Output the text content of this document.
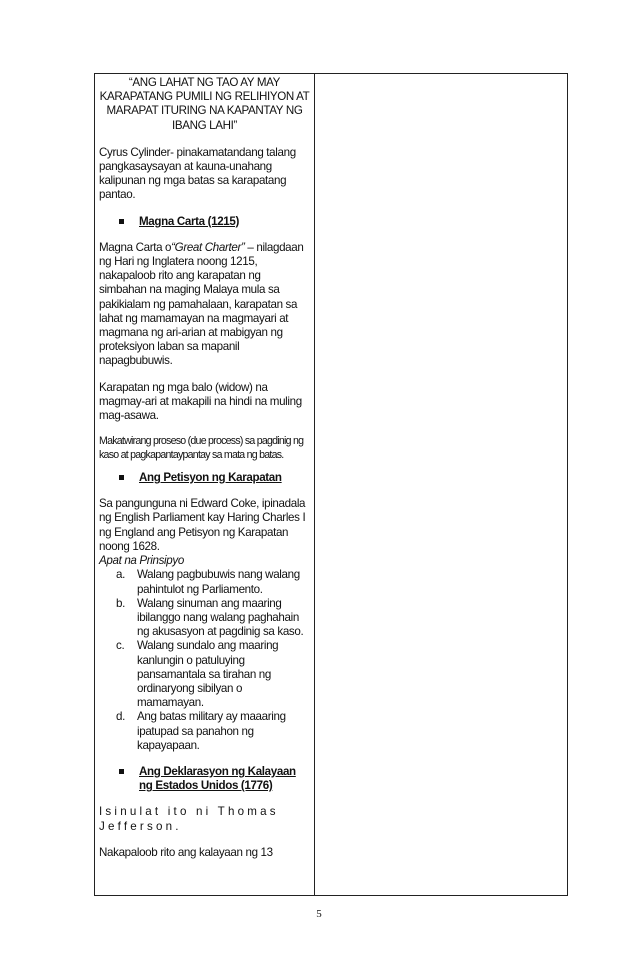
“ANG LAHAT NG TAO AY MAY KARAPATANG PUMILI NG RELIHIYON AT MARAPAT ITURING NA KAPANTAY NG IBANG LAHI”

Cyrus Cylinder- pinakamatandang talang pangkasaysayan at kauna-unahang kalipunan ng mga batas sa karapatang pantao.

Magna Carta (1215)

Magna Carta o“Great Charter” – nilagdaan ng Hari ng Inglatera noong 1215, nakapaloob rito ang karapatan ng simbahan na maging Malaya mula sa pakikialam ng pamahalaan, karapatan sa lahat ng mamamayan na magmayari at magmana ng ari-arian at mabigyan ng proteksiyon laban sa mapanil napagbubuwis.

Karapatan ng mga balo (widow) na magmay-ari at makapili na hindi na muling mag-asawa.

Makatwirang proseso (due process) sa pagdinig ng kaso at pagkapantaypantay sa mata ng batas.

Ang Petisyon ng Karapatan

Sa pangunguna ni Edward Coke, ipinadala ng English Parliament kay Haring Charles I ng England ang Petisyon ng Karapatan noong 1628.

Apat na Prinsipyo

a. Walang pagbubuwis nang walang pahintulot ng Parliamento.
b. Walang sinuman ang maaring ibilanggo nang walang paghahain ng akusasyon at pagdinig sa kaso.
c. Walang sundalo ang maaring kanlungin o patuluying pansamantala sa tirahan ng ordinaryong sibilyan o mamamayan.
d. Ang batas military ay maaaring ipatupad sa panahon ng kapayapaan.
Ang Deklarasyon ng Kalayaan ng Estados Unidos (1776)

Isinulat ito ni Thomas Jefferson.

Nakapaloob rito ang kalayaan ng 13

5
